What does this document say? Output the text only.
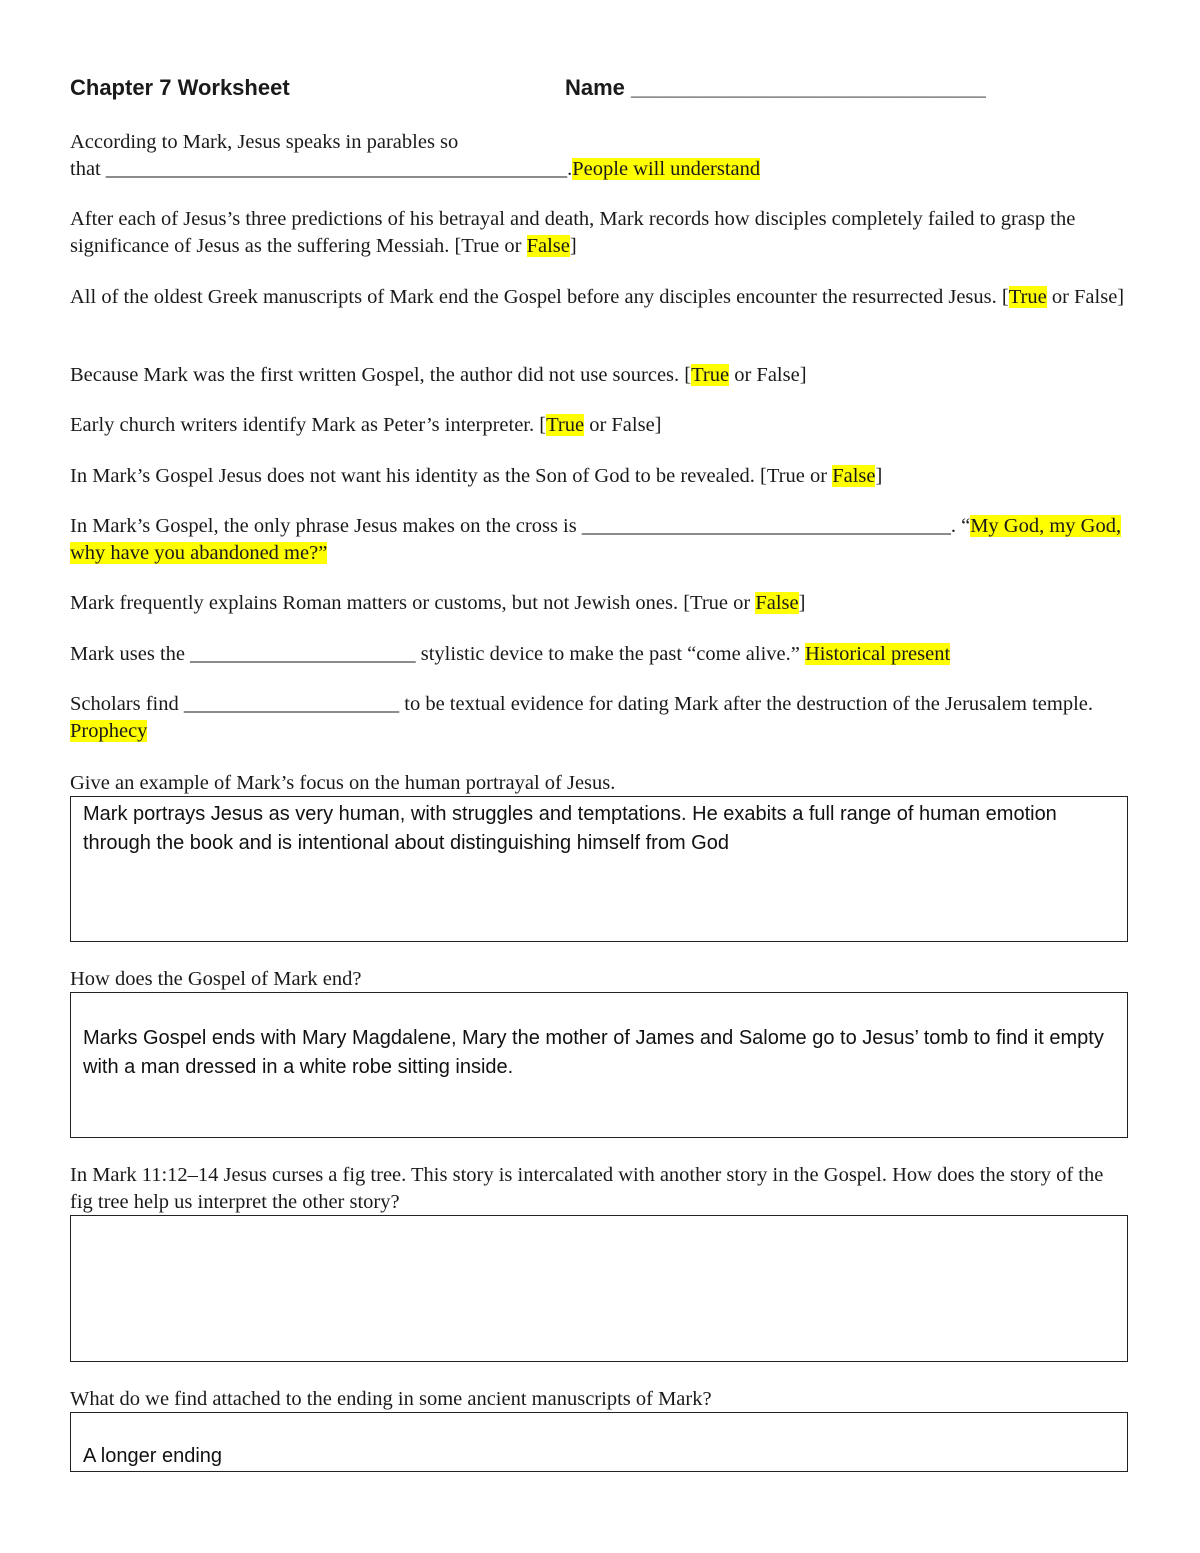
Chapter 7 Worksheet	Name _____________________________
According to Mark, Jesus speaks in parables so
that _____________________________________________.People will understand

After each of Jesus’s three predictions of his betrayal and death, Mark records how disciples completely failed to grasp the significance of Jesus as the suffering Messiah. [True or False]

All of the oldest Greek manuscripts of Mark end the Gospel before any disciples encounter the resurrected Jesus. [True or False]

Because Mark was the first written Gospel, the author did not use sources. [True or False]

Early church writers identify Mark as Peter’s interpreter. [True or False]

In Mark’s Gospel Jesus does not want his identity as the Son of God to be revealed. [True or False]

In Mark’s Gospel, the only phrase Jesus makes on the cross is ____________________________________. “My God, my God, why have you abandoned me?”

Mark frequently explains Roman matters or customs, but not Jewish ones. [True or False]

Mark uses the ______________________ stylistic device to make the past “come alive.” Historical present

Scholars find _____________________ to be textual evidence for dating Mark after the destruction of the Jerusalem temple. Prophecy

Give an example of Mark’s focus on the human portrayal of Jesus.

Mark portrays Jesus as very human, with struggles and temptations. He exabits a full range of human emotion through the book and is intentional about distinguishing himself from God

How does the Gospel of Mark end?

Marks Gospel ends with Mary Magdalene, Mary the mother of James and Salome go to Jesus’ tomb to find it empty with a man dressed in a white robe sitting inside.

In Mark 11:12–14 Jesus curses a fig tree. This story is intercalated with another story in the Gospel. How does the story of the fig tree help us interpret the other story?

What do we find attached to the ending in some ancient manuscripts of Mark?

A longer ending
